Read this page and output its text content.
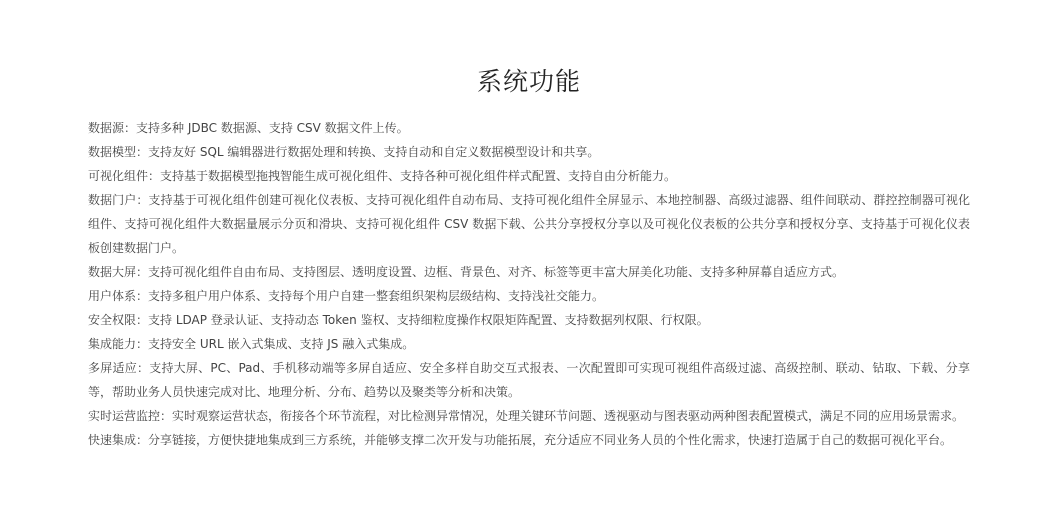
系统功能

数据源：支持多种 JDBC 数据源、支持 CSV 数据文件上传。

数据模型：支持友好 SQL 编辑器进行数据处理和转换、支持自动和自定义数据模型设计和共享。

可视化组件：支持基于数据模型拖拽智能生成可视化组件、支持各种可视化组件样式配置、支持自由分析能力。

数据门户：支持基于可视化组件创建可视化仪表板、支持可视化组件自动布局、支持可视化组件全屏显示、本地控制器、高级过滤器、组件间联动、群控控制器可视化组件、支持可视化组件大数据量展示分页和滑块、支持可视化组件 CSV 数据下载、公共分享授权分享以及可视化仪表板的公共分享和授权分享、支持基于可视化仪表板创建数据门户。

数据大屏：支持可视化组件自由布局、支持图层、透明度设置、边框、背景色、对齐、标签等更丰富大屏美化功能、支持多种屏幕自适应方式。

用户体系：支持多租户用户体系、支持每个用户自建一整套组织架构层级结构、支持浅社交能力。

安全权限：支持 LDAP 登录认证、支持动态 Token 鉴权、支持细粒度操作权限矩阵配置、支持数据列权限、行权限。

集成能力：支持安全 URL 嵌入式集成、支持 JS 融入式集成。

多屏适应：支持大屏、PC、Pad、手机移动端等多屏自适应、安全多样自助交互式报表、一次配置即可实现可视组件高级过滤、高级控制、联动、钻取、下载、分享等，帮助业务人员快速完成对比、地理分析、分布、趋势以及聚类等分析和决策。

实时运营监控：实时观察运营状态，衔接各个环节流程，对比检测异常情况，处理关键环节问题、透视驱动与图表驱动两种图表配置模式，满足不同的应用场景需求。

快速集成：分享链接，方便快捷地集成到三方系统，并能够支撑二次开发与功能拓展，充分适应不同业务人员的个性化需求，快速打造属于自己的数据可视化平台。
